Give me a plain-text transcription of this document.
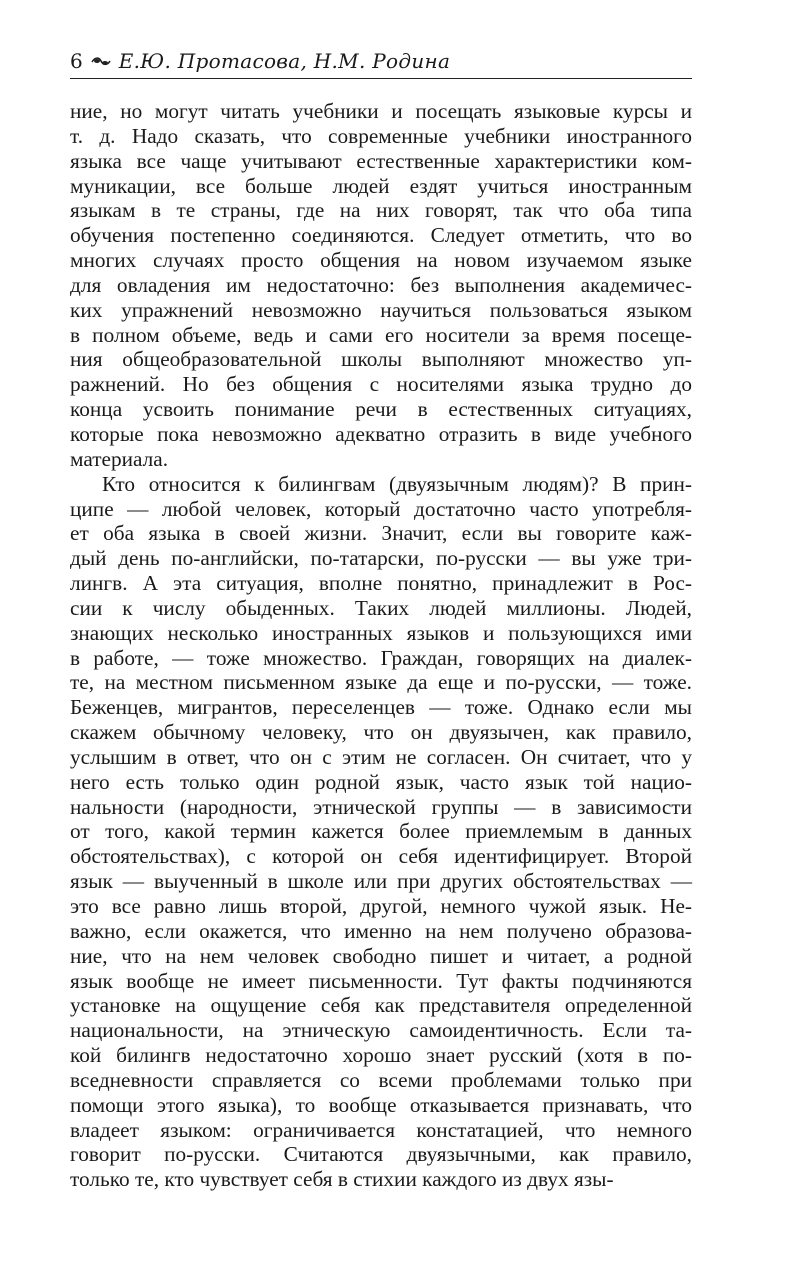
6 Е.Ю. Протасова, Н.М. Родина
ние, но могут читать учебники и посещать языковые курсы и
т. д. Надо сказать, что современные учебники иностранного
языка все чаще учитывают естественные характеристики ком-
муникации, все больше людей ездят учиться иностранным
языкам в те страны, где на них говорят, так что оба типа
обучения постепенно соединяются. Следует отметить, что во
многих случаях просто общения на новом изучаемом языке
для овладения им недостаточно: без выполнения академичес-
ких упражнений невозможно научиться пользоваться языком
в полном объеме, ведь и сами его носители за время посеще-
ния общеобразовательной школы выполняют множество уп-
ражнений. Но без общения с носителями языка трудно до
конца усвоить понимание речи в естественных ситуациях,
которые пока невозможно адекватно отразить в виде учебного
материала.
Кто относится к билингвам (двуязычным людям)? В прин-
ципе — любой человек, который достаточно часто употребля-
ет оба языка в своей жизни. Значит, если вы говорите каж-
дый день по-английски, по-татарски, по-русски — вы уже три-
лингв. А эта ситуация, вполне понятно, принадлежит в Рос-
сии к числу обыденных. Таких людей миллионы. Людей,
знающих несколько иностранных языков и пользующихся ими
в работе, — тоже множество. Граждан, говорящих на диалек-
те, на местном письменном языке да еще и по-русски, — тоже.
Беженцев, мигрантов, переселенцев — тоже. Однако если мы
скажем обычному человеку, что он двуязычен, как правило,
услышим в ответ, что он с этим не согласен. Он считает, что у
него есть только один родной язык, часто язык той нацио-
нальности (народности, этнической группы — в зависимости
от того, какой термин кажется более приемлемым в данных
обстоятельствах), с которой он себя идентифицирует. Второй
язык — выученный в школе или при других обстоятельствах —
это все равно лишь второй, другой, немного чужой язык. Не-
важно, если окажется, что именно на нем получено образова-
ние, что на нем человек свободно пишет и читает, а родной
язык вообще не имеет письменности. Тут факты подчиняются
установке на ощущение себя как представителя определенной
национальности, на этническую самоидентичность. Если та-
кой билингв недостаточно хорошо знает русский (хотя в по-
вседневности справляется со всеми проблемами только при
помощи этого языка), то вообще отказывается признавать, что
владеет языком: ограничивается констатацией, что немного
говорит по-русски. Считаются двуязычными, как правило,
только те, кто чувствует себя в стихии каждого из двух язы-
